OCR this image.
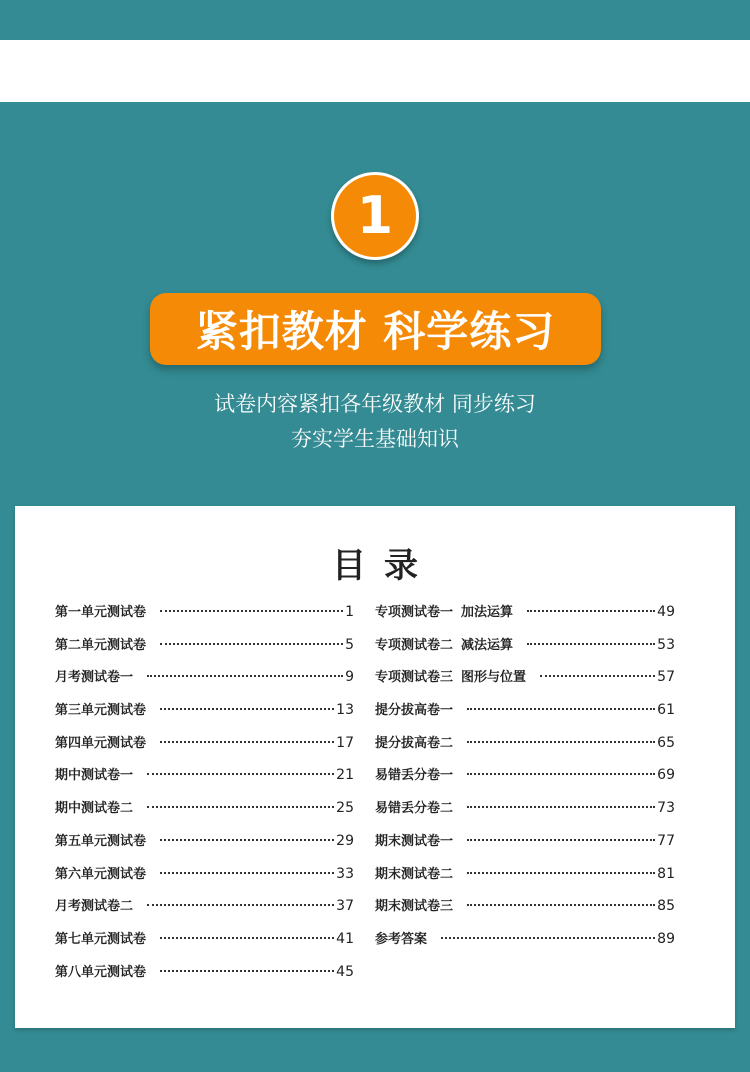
1
紧扣教材 科学练习
试卷内容紧扣各年级教材 同步练习
夯实学生基础知识
目录
第一单元测试卷	1
第二单元测试卷	5
月考测试卷一	9
第三单元测试卷	13
第四单元测试卷	17
期中测试卷一	21
期中测试卷二	25
第五单元测试卷	29
第六单元测试卷	33
月考测试卷二	37
第七单元测试卷	41
第八单元测试卷	45
专项测试卷一 加法运算	49
专项测试卷二 减法运算	53
专项测试卷三 图形与位置	57
提分拔高卷一	61
提分拔高卷二	65
易错丢分卷一	69
易错丢分卷二	73
期末测试卷一	77
期末测试卷二	81
期末测试卷三	85
参考答案	89
